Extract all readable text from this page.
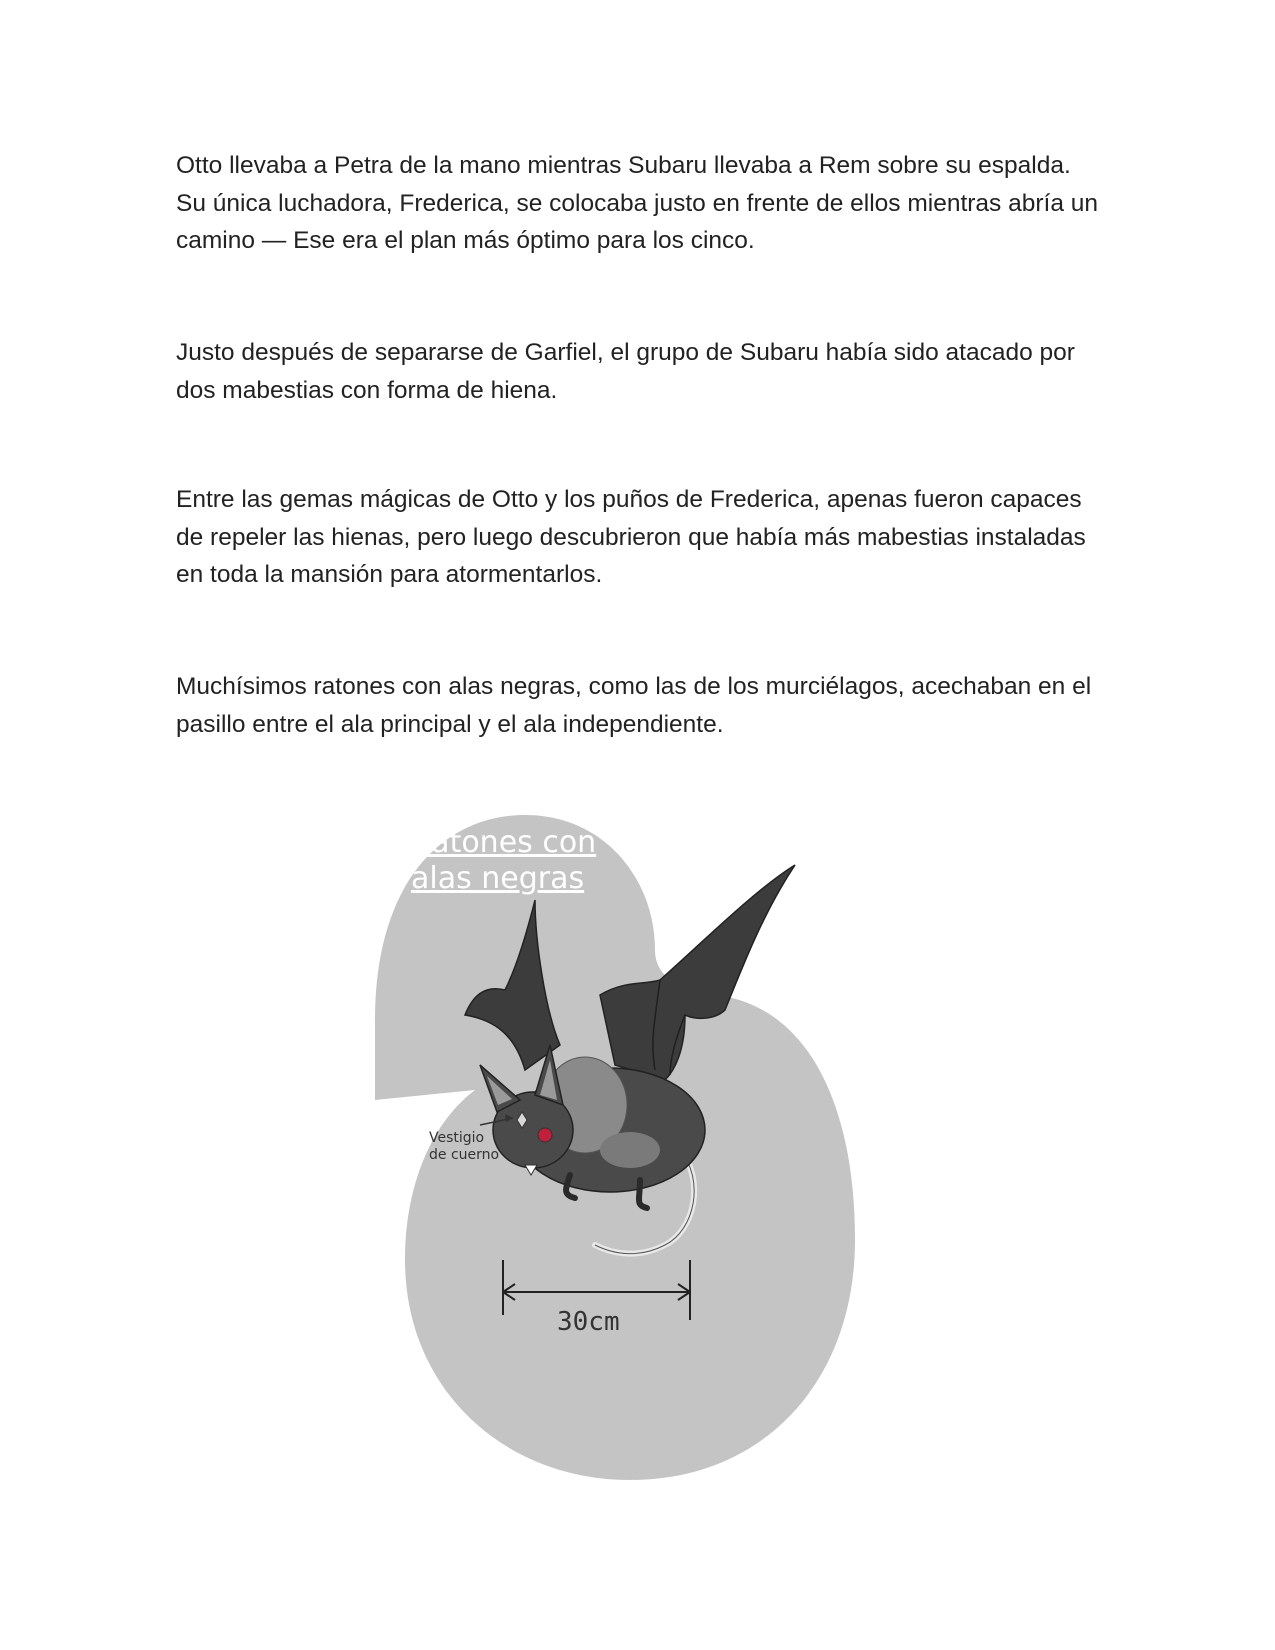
Otto llevaba a Petra de la mano mientras Subaru llevaba a Rem sobre su espalda. Su única luchadora, Frederica, se colocaba justo en frente de ellos mientras abría un camino — Ese era el plan más óptimo para los cinco.

Justo después de separarse de Garfiel, el grupo de Subaru había sido atacado por dos mabestias con forma de hiena.

Entre las gemas mágicas de Otto y los puños de Frederica, apenas fueron capaces de repeler las hienas, pero luego descubrieron que había más mabestias instaladas en toda la mansión para atormentarlos.

Muchísimos ratones con alas negras, como las de los murciélagos, acechaban en el pasillo entre el ala principal y el ala independiente.

Ratones con
alas negras
Vestigio
de cuerno
30cm
